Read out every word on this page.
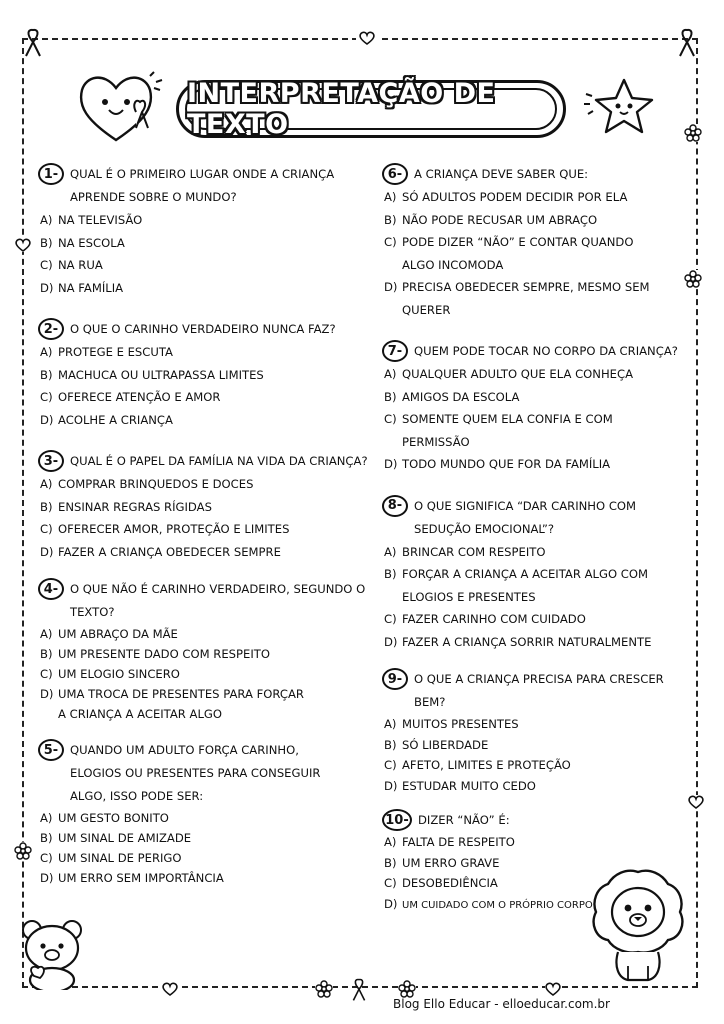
INTERPRETAÇÃO DE TEXTO
1-	QUAL É O PRIMEIRO LUGAR ONDE A CRIANÇA APRENDE SOBRE O MUNDO?
A) NA TELEVISÃO
B) NA ESCOLA
C) NA RUA
D) NA FAMÍLIA
2-	O QUE O CARINHO VERDADEIRO NUNCA FAZ?
A) PROTEGE E ESCUTA
B) MACHUCA OU ULTRAPASSA LIMITES
C) OFERECE ATENÇÃO E AMOR
D) ACOLHE A CRIANÇA
3-	QUAL É O PAPEL DA FAMÍLIA NA VIDA DA CRIANÇA?
A) COMPRAR BRINQUEDOS E DOCES
B) ENSINAR REGRAS RÍGIDAS
C) OFERECER AMOR, PROTEÇÃO E LIMITES
D) FAZER A CRIANÇA OBEDECER SEMPRE
4-	O QUE NÃO É CARINHO VERDADEIRO, SEGUNDO O TEXTO?
A) UM ABRAÇO DA MÃE
B) UM PRESENTE DADO COM RESPEITO
C) UM ELOGIO SINCERO
D) UMA TROCA DE PRESENTES PARA FORÇAR A CRIANÇA A ACEITAR ALGO
5-	QUANDO UM ADULTO FORÇA CARINHO, ELOGIOS OU PRESENTES PARA CONSEGUIR ALGO, ISSO PODE SER:
A) UM GESTO BONITO
B) UM SINAL DE AMIZADE
C) UM SINAL DE PERIGO
D) UM ERRO SEM IMPORTÂNCIA
6-	A CRIANÇA DEVE SABER QUE:
A) SÓ ADULTOS PODEM DECIDIR POR ELA
B) NÃO PODE RECUSAR UM ABRAÇO
C) PODE DIZER “NÃO” E CONTAR QUANDO ALGO INCOMODA
D) PRECISA OBEDECER SEMPRE, MESMO SEM QUERER
7-	QUEM PODE TOCAR NO CORPO DA CRIANÇA?
A) QUALQUER ADULTO QUE ELA CONHEÇA
B) AMIGOS DA ESCOLA
C) SOMENTE QUEM ELA CONFIA E COM PERMISSÃO
D) TODO MUNDO QUE FOR DA FAMÍLIA
8-	O QUE SIGNIFICA “DAR CARINHO COM SEDUÇÃO EMOCIONAL”?
A) BRINCAR COM RESPEITO
B) FORÇAR A CRIANÇA A ACEITAR ALGO COM ELOGIOS E PRESENTES
C) FAZER CARINHO COM CUIDADO
D) FAZER A CRIANÇA SORRIR NATURALMENTE
9-	O QUE A CRIANÇA PRECISA PARA CRESCER BEM?
A) MUITOS PRESENTES
B) SÓ LIBERDADE
C) AFETO, LIMITES E PROTEÇÃO
D) ESTUDAR MUITO CEDO
10- DIZER “NÃO” É:
A) FALTA DE RESPEITO
B) UM ERRO GRAVE
C) DESOBEDIÊNCIA
D) UM CUIDADO COM O PRÓPRIO CORPO
Blog Ello Educar - elloeducar.com.br
